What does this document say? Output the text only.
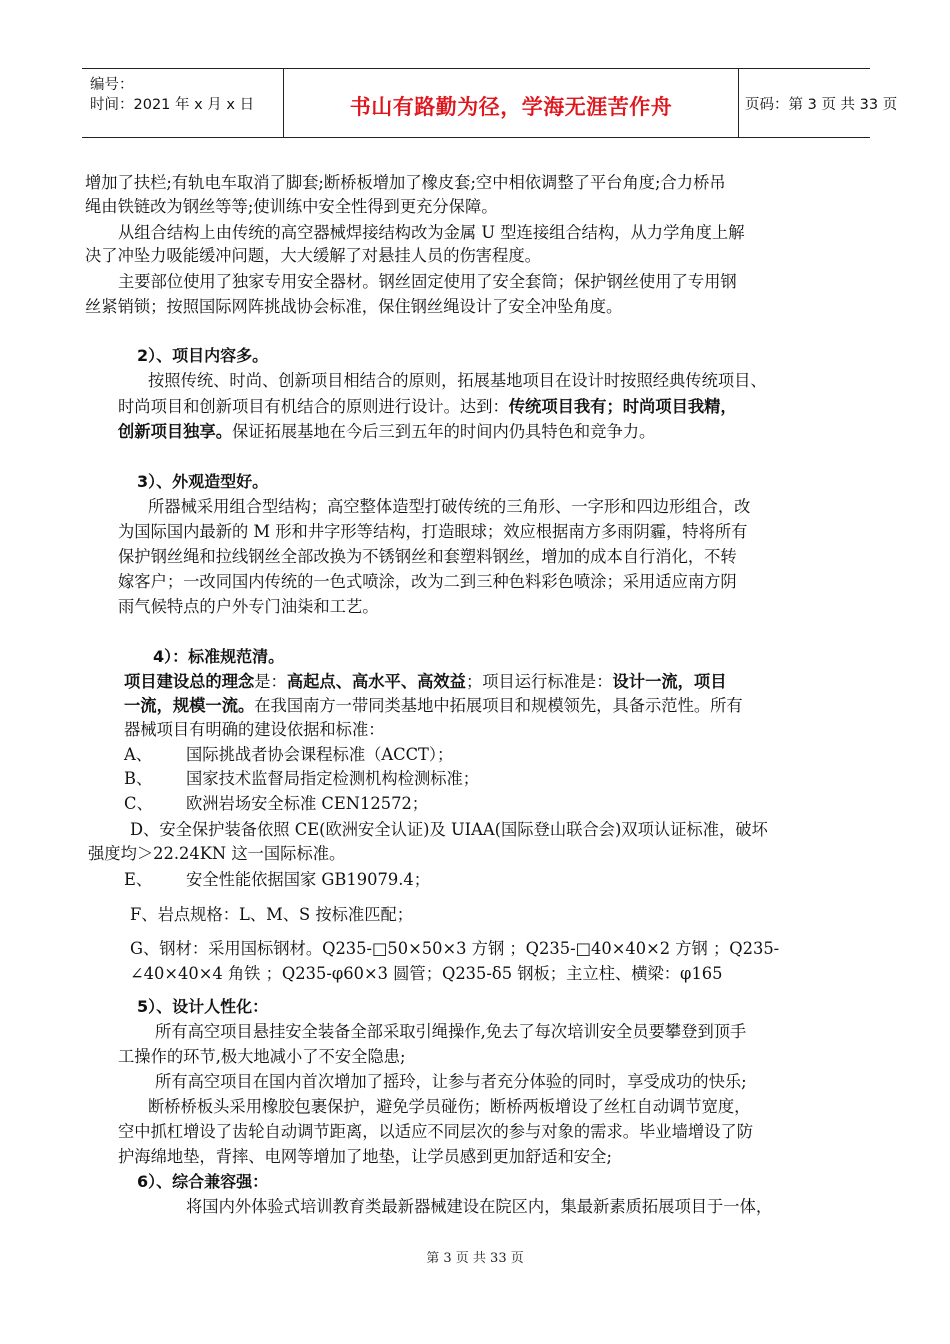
编号：
时间：2021 年 x 月 x 日	书山有路勤为径，学海无涯苦作舟	页码：第 3 页 共 33 页
增加了扶栏;有轨电车取消了脚套;断桥板增加了橡皮套;空中相依调整了平台角度;合力桥吊
绳由铁链改为钢丝等等;使训练中安全性得到更充分保障。
从组合结构上由传统的高空器械焊接结构改为金属 U 型连接组合结构，从力学角度上解
决了冲坠力吸能缓冲问题，大大缓解了对悬挂人员的伤害程度。
主要部位使用了独家专用安全器材。钢丝固定使用了安全套筒；保护钢丝使用了专用钢
丝紧销锁；按照国际网阵挑战协会标准，保住钢丝绳设计了安全冲坠角度。
2）、项目内容多。
按照传统、时尚、创新项目相结合的原则，拓展基地项目在设计时按照经典传统项目、
时尚项目和创新项目有机结合的原则进行设计。达到：传统项目我有；时尚项目我精，
创新项目独享。保证拓展基地在今后三到五年的时间内仍具特色和竞争力。
3）、外观造型好。
所器械采用组合型结构；高空整体造型打破传统的三角形、一字形和四边形组合，改
为国际国内最新的 M 形和井字形等结构，打造眼球；效应根据南方多雨阴霾，特将所有
保护钢丝绳和拉线钢丝全部改换为不锈钢丝和套塑料钢丝，增加的成本自行消化，不转
嫁客户；一改同国内传统的一色式喷涂，改为二到三种色料彩色喷涂；采用适应南方阴
雨气候特点的户外专门油柒和工艺。
4）：标准规范清。
项目建设总的理念是：高起点、高水平、高效益；项目运行标准是：设计一流，项目
一流，规模一流。在我国南方一带同类基地中拓展项目和规模领先，具备示范性。所有
器械项目有明确的建设依据和标准：
A、 国际挑战者协会课程标准（ACCT）；
B、 国家技术监督局指定检测机构检测标准；
C、 欧洲岩场安全标准 CEN12572；
D、安全保护装备依照 CE(欧洲安全认证)及 UIAA(国际登山联合会)双项认证标准，破坏
强度均＞22.24KN 这一国际标准。
E、 安全性能依据国家 GB19079.4；
F、岩点规格：L、M、S 按标准匹配；
G、钢材：采用国标钢材。Q235-□50×50×3 方钢 ；Q235-□40×40×2 方钢 ；Q235-
∠40×40×4 角铁 ；Q235-φ60×3 圆管；Q235-δ5 钢板；主立柱、横梁：φ165
5）、设计人性化：
所有高空项目悬挂安全装备全部采取引绳操作,免去了每次培训安全员要攀登到顶手
工操作的环节,极大地减小了不安全隐患;
所有高空项目在国内首次增加了摇玲，让参与者充分体验的同时，享受成功的快乐;
断桥桥板头采用橡胶包裹保护，避免学员碰伤；断桥两板增设了丝杠自动调节宽度，
空中抓杠增设了齿轮自动调节距离，以适应不同层次的参与对象的需求。毕业墙增设了防
护海绵地垫，背摔、电网等增加了地垫，让学员感到更加舒适和安全;
6）、综合兼容强：
将国内外体验式培训教育类最新器械建设在院区内，集最新素质拓展项目于一体，
第 3 页 共 33 页
